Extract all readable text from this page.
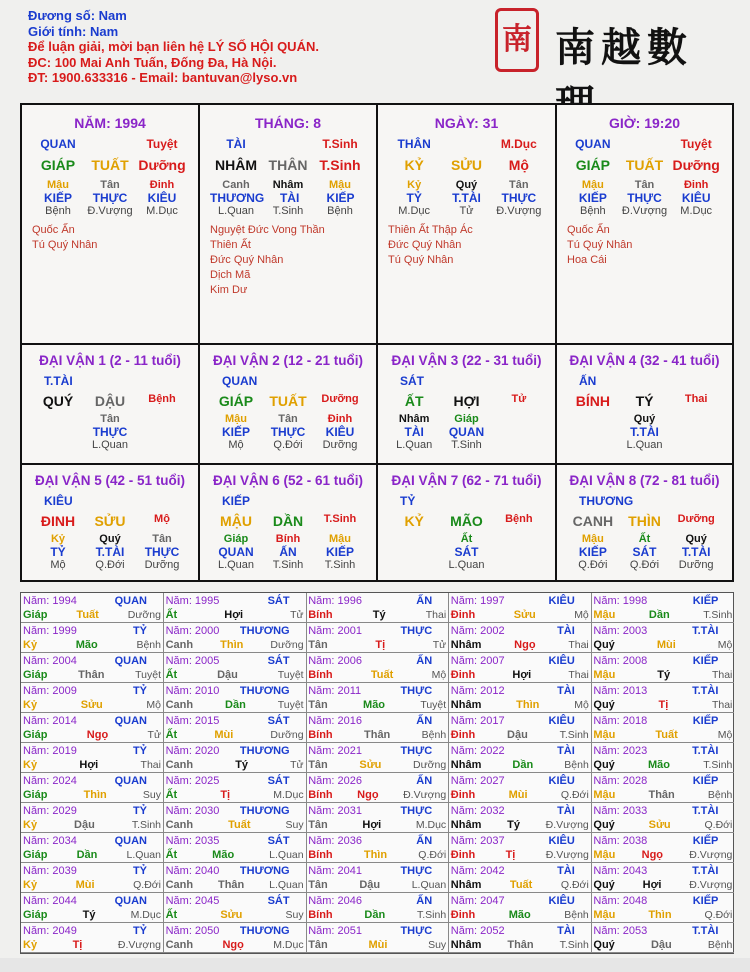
Đương số: Nam
Giới tính: Nam
Để luận giải, mời bạn liên hệ LÝ SỐ HỘI QUÁN.
ĐC: 100 Mai Anh Tuấn, Đống Đa, Hà Nội.
ĐT: 1900.633316 - Email: bantuvan@lyso.vn
南 南越數
NĂM: 1994
QUAN	Tuyệt
GIÁP	TUẤT Dưỡng
Mậu	Tân	Đinh
KIẾP	THỰC	KIÊU
Bệnh	Đ.Vượng	M.Dục
Quốc Ấn
Tú Quý Nhân
THÁNG: 8
TÀI	T.Sinh
NHÂM THÂN T.Sinh
Canh	Nhâm	Mậu
THƯƠNG	TÀI	KIẾP
L.Quan	T.Sinh	Bệnh
Nguyệt Đức Vong Thần
Thiên Ất
Đức Quý Nhân
Dịch Mã
Kim Dư
NGÀY: 31
THÂN	M.Dục
KỶ	SỬU	Mộ
Kỷ	Quý	Tân
TỶ	T.TÀI	THỰC
M.Dục	Tử	Đ.Vượng
Thiên Ất Thập Ác
Đức Quý Nhân
Tú Quý Nhân
GIỜ: 19:20
QUAN	Tuyệt
GIÁP	TUẤT Dưỡng
Mậu	Tân	Đinh
KIẾP	THỰC	KIÊU
Bệnh	Đ.Vượng	M.Dục
Quốc Ấn
Tú Quý Nhân
Hoa Cái
ĐẠI VẬN 1 (2 - 11 tuổi)
T.TÀI
QUÝ	DẬU	Bệnh
Tân
THỰC
L.Quan
ĐẠI VẬN 2 (12 - 21 tuổi)
QUAN
GIÁP	TUẤT	Dưỡng
Mậu	Tân	Đinh
KIẾP	THỰC	KIÊU
Mộ	Q.Đới	Dưỡng
ĐẠI VẬN 3 (22 - 31 tuổi)
SÁT
ẤT	HỢI	Tử
Nhâm	Giáp
TÀI	QUAN
L.Quan	T.Sinh
ĐẠI VẬN 4 (32 - 41 tuổi)
ẤN
BÍNH	TÝ	Thai
Quý
T.TÀI
L.Quan
ĐẠI VẬN 5 (42 - 51 tuổi)
KIÊU
ĐINH	SỬU	Mộ
Kỷ	Quý	Tân
TỶ	T.TÀI	THỰC
Mộ	Q.Đới	Dưỡng
ĐẠI VẬN 6 (52 - 61 tuổi)
KIẾP
MẬU	DẦN	T.Sinh
Giáp	Bính	Mậu
QUAN	ẤN	KIẾP
L.Quan	T.Sinh	T.Sinh
ĐẠI VẬN 7 (62 - 71 tuổi)
TỶ
KỶ	MÃO	Bệnh
Ất
SÁT
L.Quan
ĐẠI VẬN 8 (72 - 81 tuổi)
THƯƠNG
CANH	THÌN	Dưỡng
Mậu	Ất	Quý
KIẾP	SÁT	T.TÀI
Q.Đới	Q.Đới	Dưỡng
Năm: 1994	QUAN
Giáp	Tuất	Dưỡng
Năm: 1995	SÁT
Ất	Hợi	Tử
Năm: 1996	ẤN
Bính	Tý	Thai
Năm: 1997	KIÊU
Đinh	Sửu	Mộ
Năm: 1998	KIẾP
Mậu	Dần	T.Sinh
Năm: 1999	TỶ
Kỷ	Mão	Bệnh
Năm: 2000 THƯƠNG
Canh Thìn	Dưỡng
Năm: 2001	THỰC
Tân	Tị	Tử
Năm: 2002	TÀI
Nhâm	Ngọ	Thai
Năm: 2003	T.TÀI
Quý	Mùi	Mộ
Năm: 2004	QUAN
Giáp	Thân	Tuyệt
Năm: 2005	SÁT
Ất	Dậu	Tuyệt
Năm: 2006	ẤN
Bính	Tuất	Mộ
Năm: 2007	KIÊU
Đinh	Hợi	Thai
Năm: 2008	KIẾP
Mậu	Tý	Thai
Năm: 2009	TỶ
Kỷ	Sửu	Mộ
Năm: 2010 THƯƠNG
Canh	Dần	Tuyệt
Năm: 2011	THỰC
Tân	Mão	Tuyệt
Năm: 2012	TÀI
Nhâm	Thìn	Mộ
Năm: 2013	T.TÀI
Quý	Tị	Thai
Năm: 2014	QUAN
Giáp	Ngọ	Tử
Năm: 2015	SÁT
Ất	Mùi	Dưỡng
Năm: 2016	ẤN
Bính	Thân	Bệnh
Năm: 2017	KIÊU
Đinh	Dậu	T.Sinh
Năm: 2018	KIẾP
Mậu	Tuất	Mộ
Năm: 2019	TỶ
Kỷ	Hợi	Thai
Năm: 2020 THƯƠNG
Canh	Tý	Tử
Năm: 2021	THỰC
Tân	Sửu	Dưỡng
Năm: 2022	TÀI
Nhâm	Dần	Bệnh
Năm: 2023	T.TÀI
Quý	Mão	T.Sinh
Năm: 2024	QUAN
Giáp	Thìn	Suy
Năm: 2025	SÁT
Ất	Tị	M.Dục
Năm: 2026	ẤN
Bính Ngọ Đ.Vượng
Năm: 2027	KIÊU
Đinh	Mùi	Q.Đới
Năm: 2028	KIẾP
Mậu	Thân	Bệnh
Năm: 2029	TỶ
Kỷ	Dậu	T.Sinh
Năm: 2030 THƯƠNG
Canh	Tuất	Suy
Năm: 2031	THỰC
Tân	Hợi	M.Dục
Năm: 2032	TÀI
Nhâm Tý Đ.Vượng
Năm: 2033	T.TÀI
Quý	Sửu	Q.Đới
Năm: 2034	QUAN
Giáp	Dần	L.Quan
Năm: 2035	SÁT
Ất	Mão	L.Quan
Năm: 2036	ẤN
Bính	Thìn	Q.Đới
Năm: 2037	KIÊU
Đinh	Tị	Đ.Vượng
Năm: 2038	KIẾP
Mậu Ngọ	Đ.Vượng
Năm: 2039	TỶ
Kỷ	Mùi	Q.Đới
Năm: 2040 THƯƠNG
Canh Thân L.Quan
Năm: 2041	THỰC
Tân	Dậu	L.Quan
Năm: 2042	TÀI
Nhâm	Tuất	Q.Đới
Năm: 2043	T.TÀI
Quý	Hợi	Đ.Vượng
Năm: 2044	QUAN
Giáp	Tý	M.Dục
Năm: 2045	SÁT
Ất	Sửu	Suy
Năm: 2046	ẤN
Bính	Dần	T.Sinh
Năm: 2047	KIÊU
Đinh	Mão	Bệnh
Năm: 2048	KIẾP
Mậu	Thìn	Q.Đới
Năm: 2049	TỶ
Kỷ	Tị	Đ.Vượng
Năm: 2050 THƯƠNG
Canh	Ngọ	M.Dục
Năm: 2051	THỰC
Tân	Mùi	Suy
Năm: 2052	TÀI
Nhâm Thân T.Sinh
Năm: 2053	T.TÀI
Quý	Dậu	Bệnh
